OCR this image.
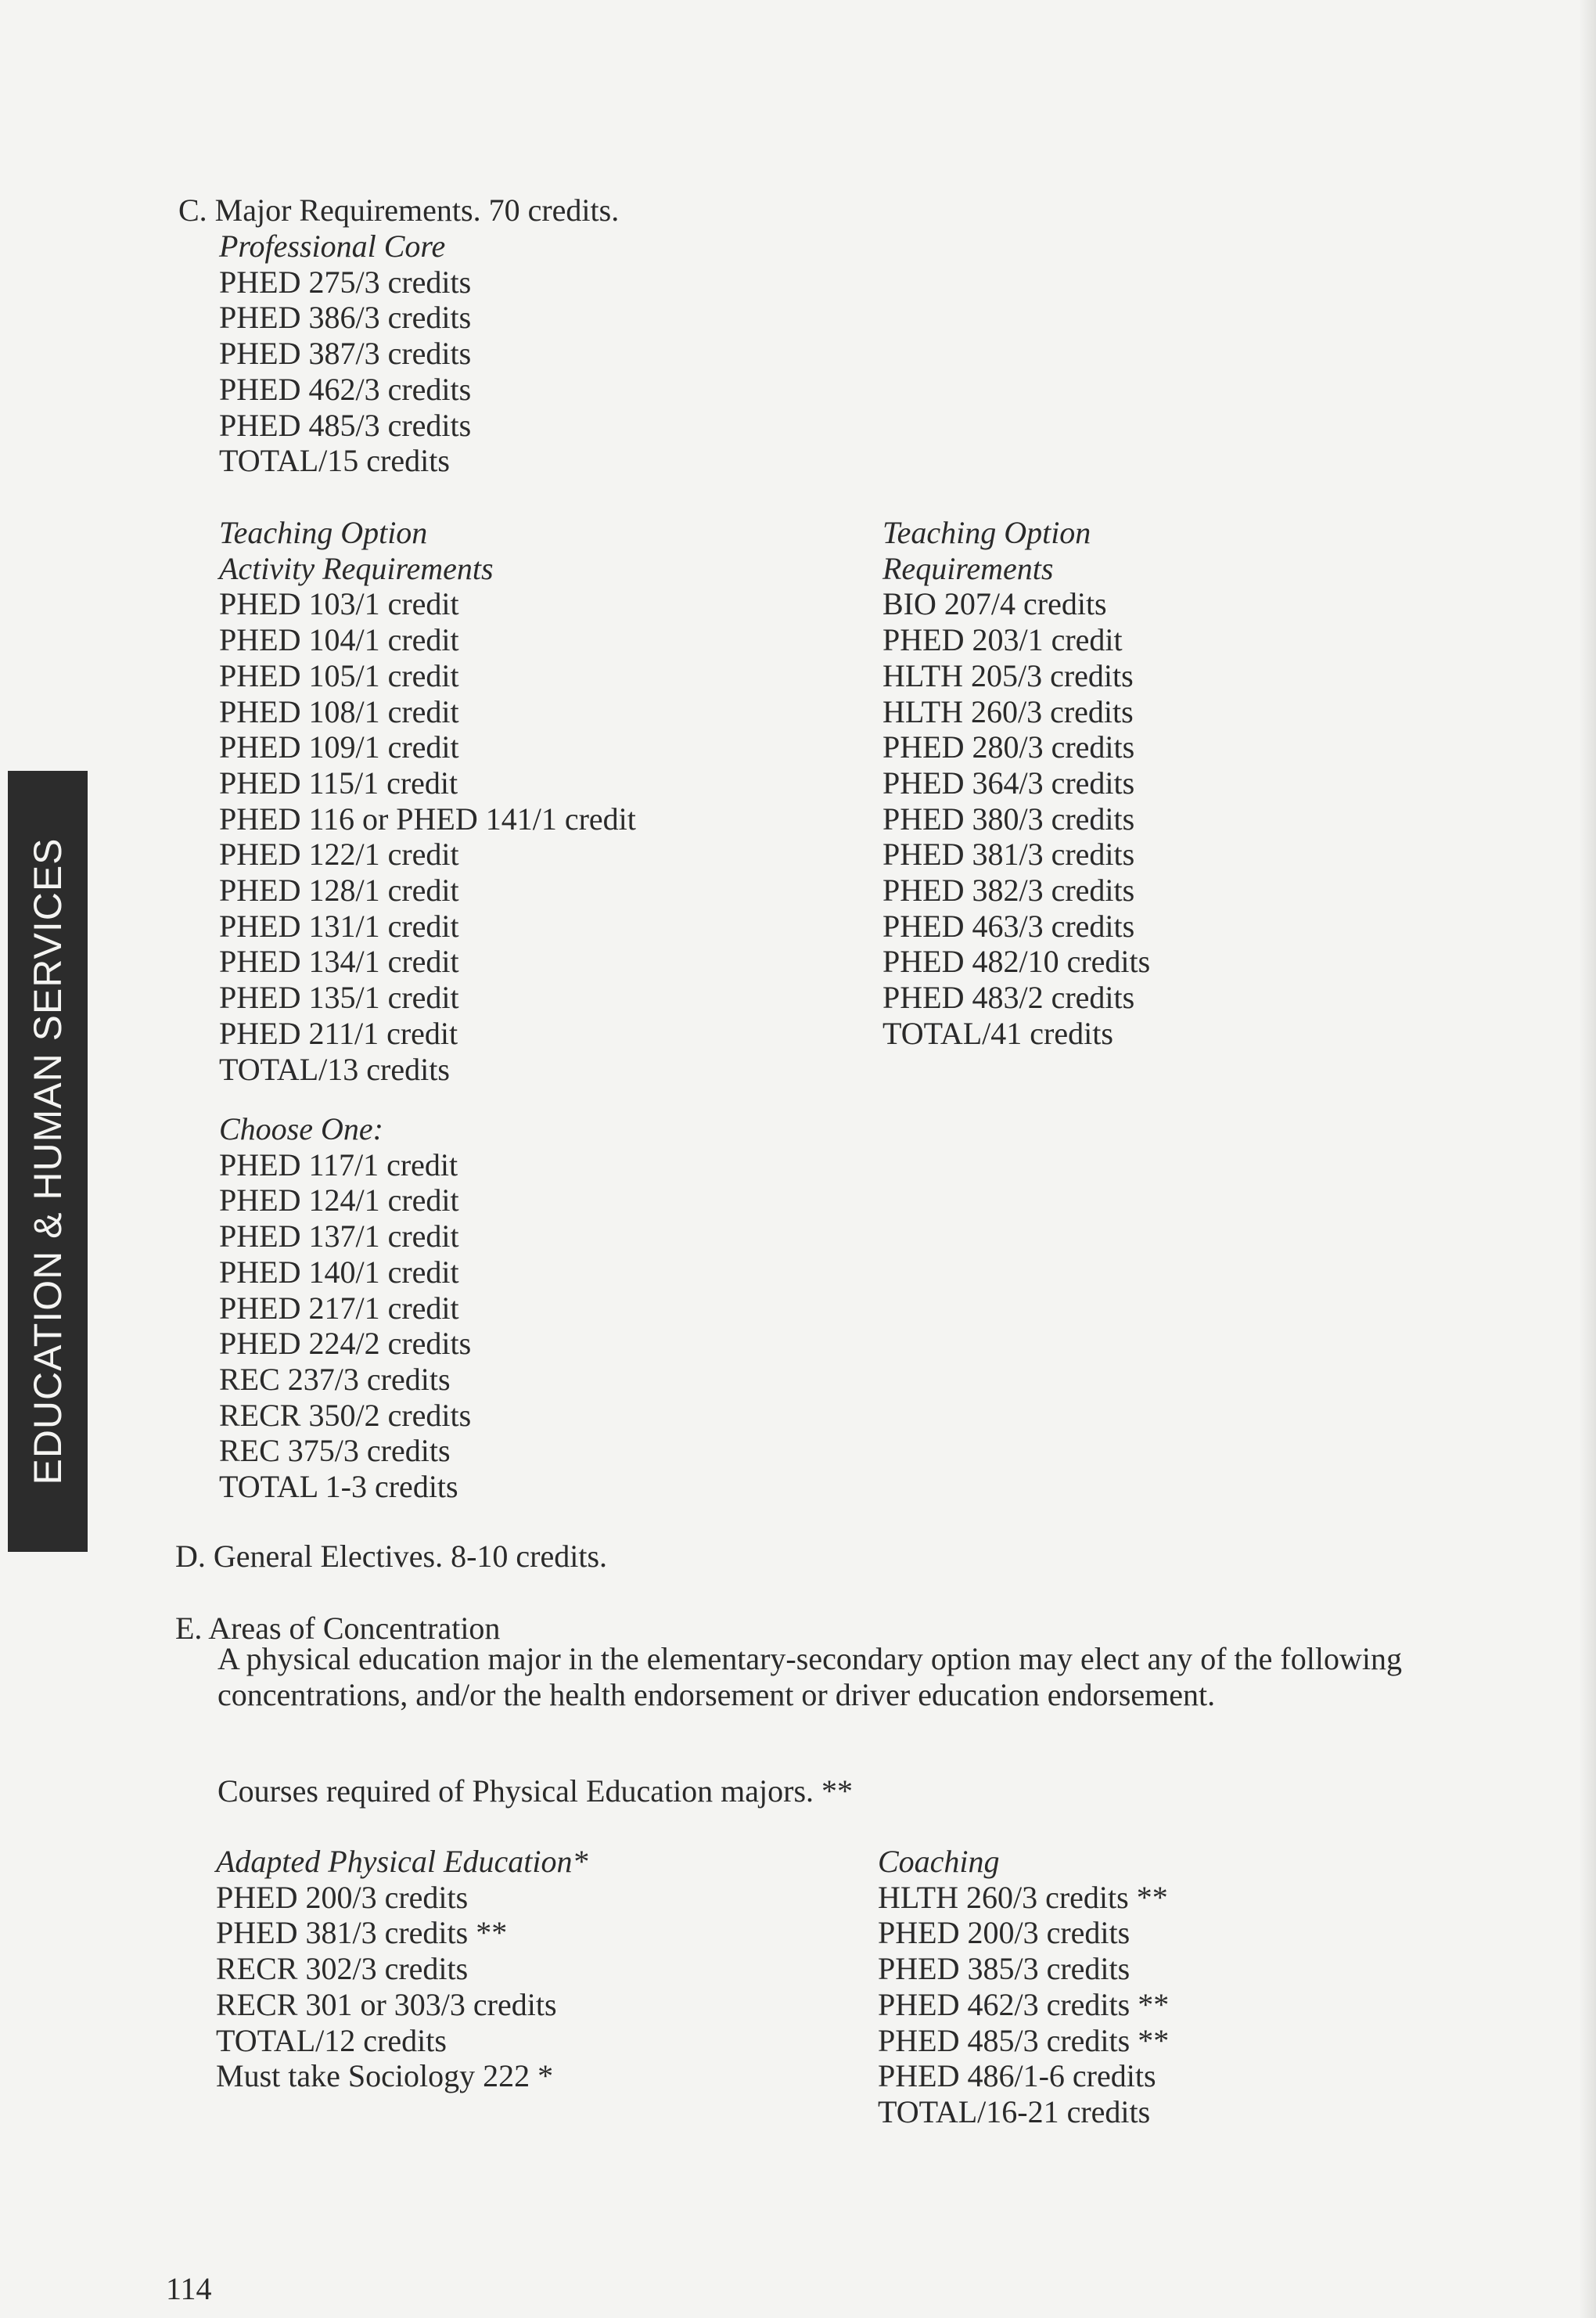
EDUCATION & HUMAN SERVICES
C. Major Requirements. 70 credits.
Professional Core
PHED 275/3 credits
PHED 386/3 credits
PHED 387/3 credits
PHED 462/3 credits
PHED 485/3 credits
TOTAL/15 credits
Teaching Option
Activity Requirements
PHED 103/1 credit
PHED 104/1 credit
PHED 105/1 credit
PHED 108/1 credit
PHED 109/1 credit
PHED 115/1 credit
PHED 116 or PHED 141/1 credit
PHED 122/1 credit
PHED 128/1 credit
PHED 131/1 credit
PHED 134/1 credit
PHED 135/1 credit
PHED 211/1 credit
TOTAL/13 credits
Teaching Option
Requirements
BIO 207/4 credits
PHED 203/1 credit
HLTH 205/3 credits
HLTH 260/3 credits
PHED 280/3 credits
PHED 364/3 credits
PHED 380/3 credits
PHED 381/3 credits
PHED 382/3 credits
PHED 463/3 credits
PHED 482/10 credits
PHED 483/2 credits
TOTAL/41 credits
Choose One:
PHED 117/1 credit
PHED 124/1 credit
PHED 137/1 credit
PHED 140/1 credit
PHED 217/1 credit
PHED 224/2 credits
REC 237/3 credits
RECR 350/2 credits
REC 375/3 credits
TOTAL 1-3 credits
D. General Electives. 8-10 credits.
E. Areas of Concentration

A physical education major in the elementary-secondary option may elect any of the following concentrations, and/or the health endorsement or driver education endorsement.

Courses required of Physical Education majors. **
Adapted Physical Education*
PHED 200/3 credits
PHED 381/3 credits **
RECR 302/3 credits
RECR 301 or 303/3 credits
TOTAL/12 credits
Must take Sociology 222 *
Coaching
HLTH 260/3 credits **
PHED 200/3 credits
PHED 385/3 credits
PHED 462/3 credits **
PHED 485/3 credits **
PHED 486/1-6 credits
TOTAL/16-21 credits
114
